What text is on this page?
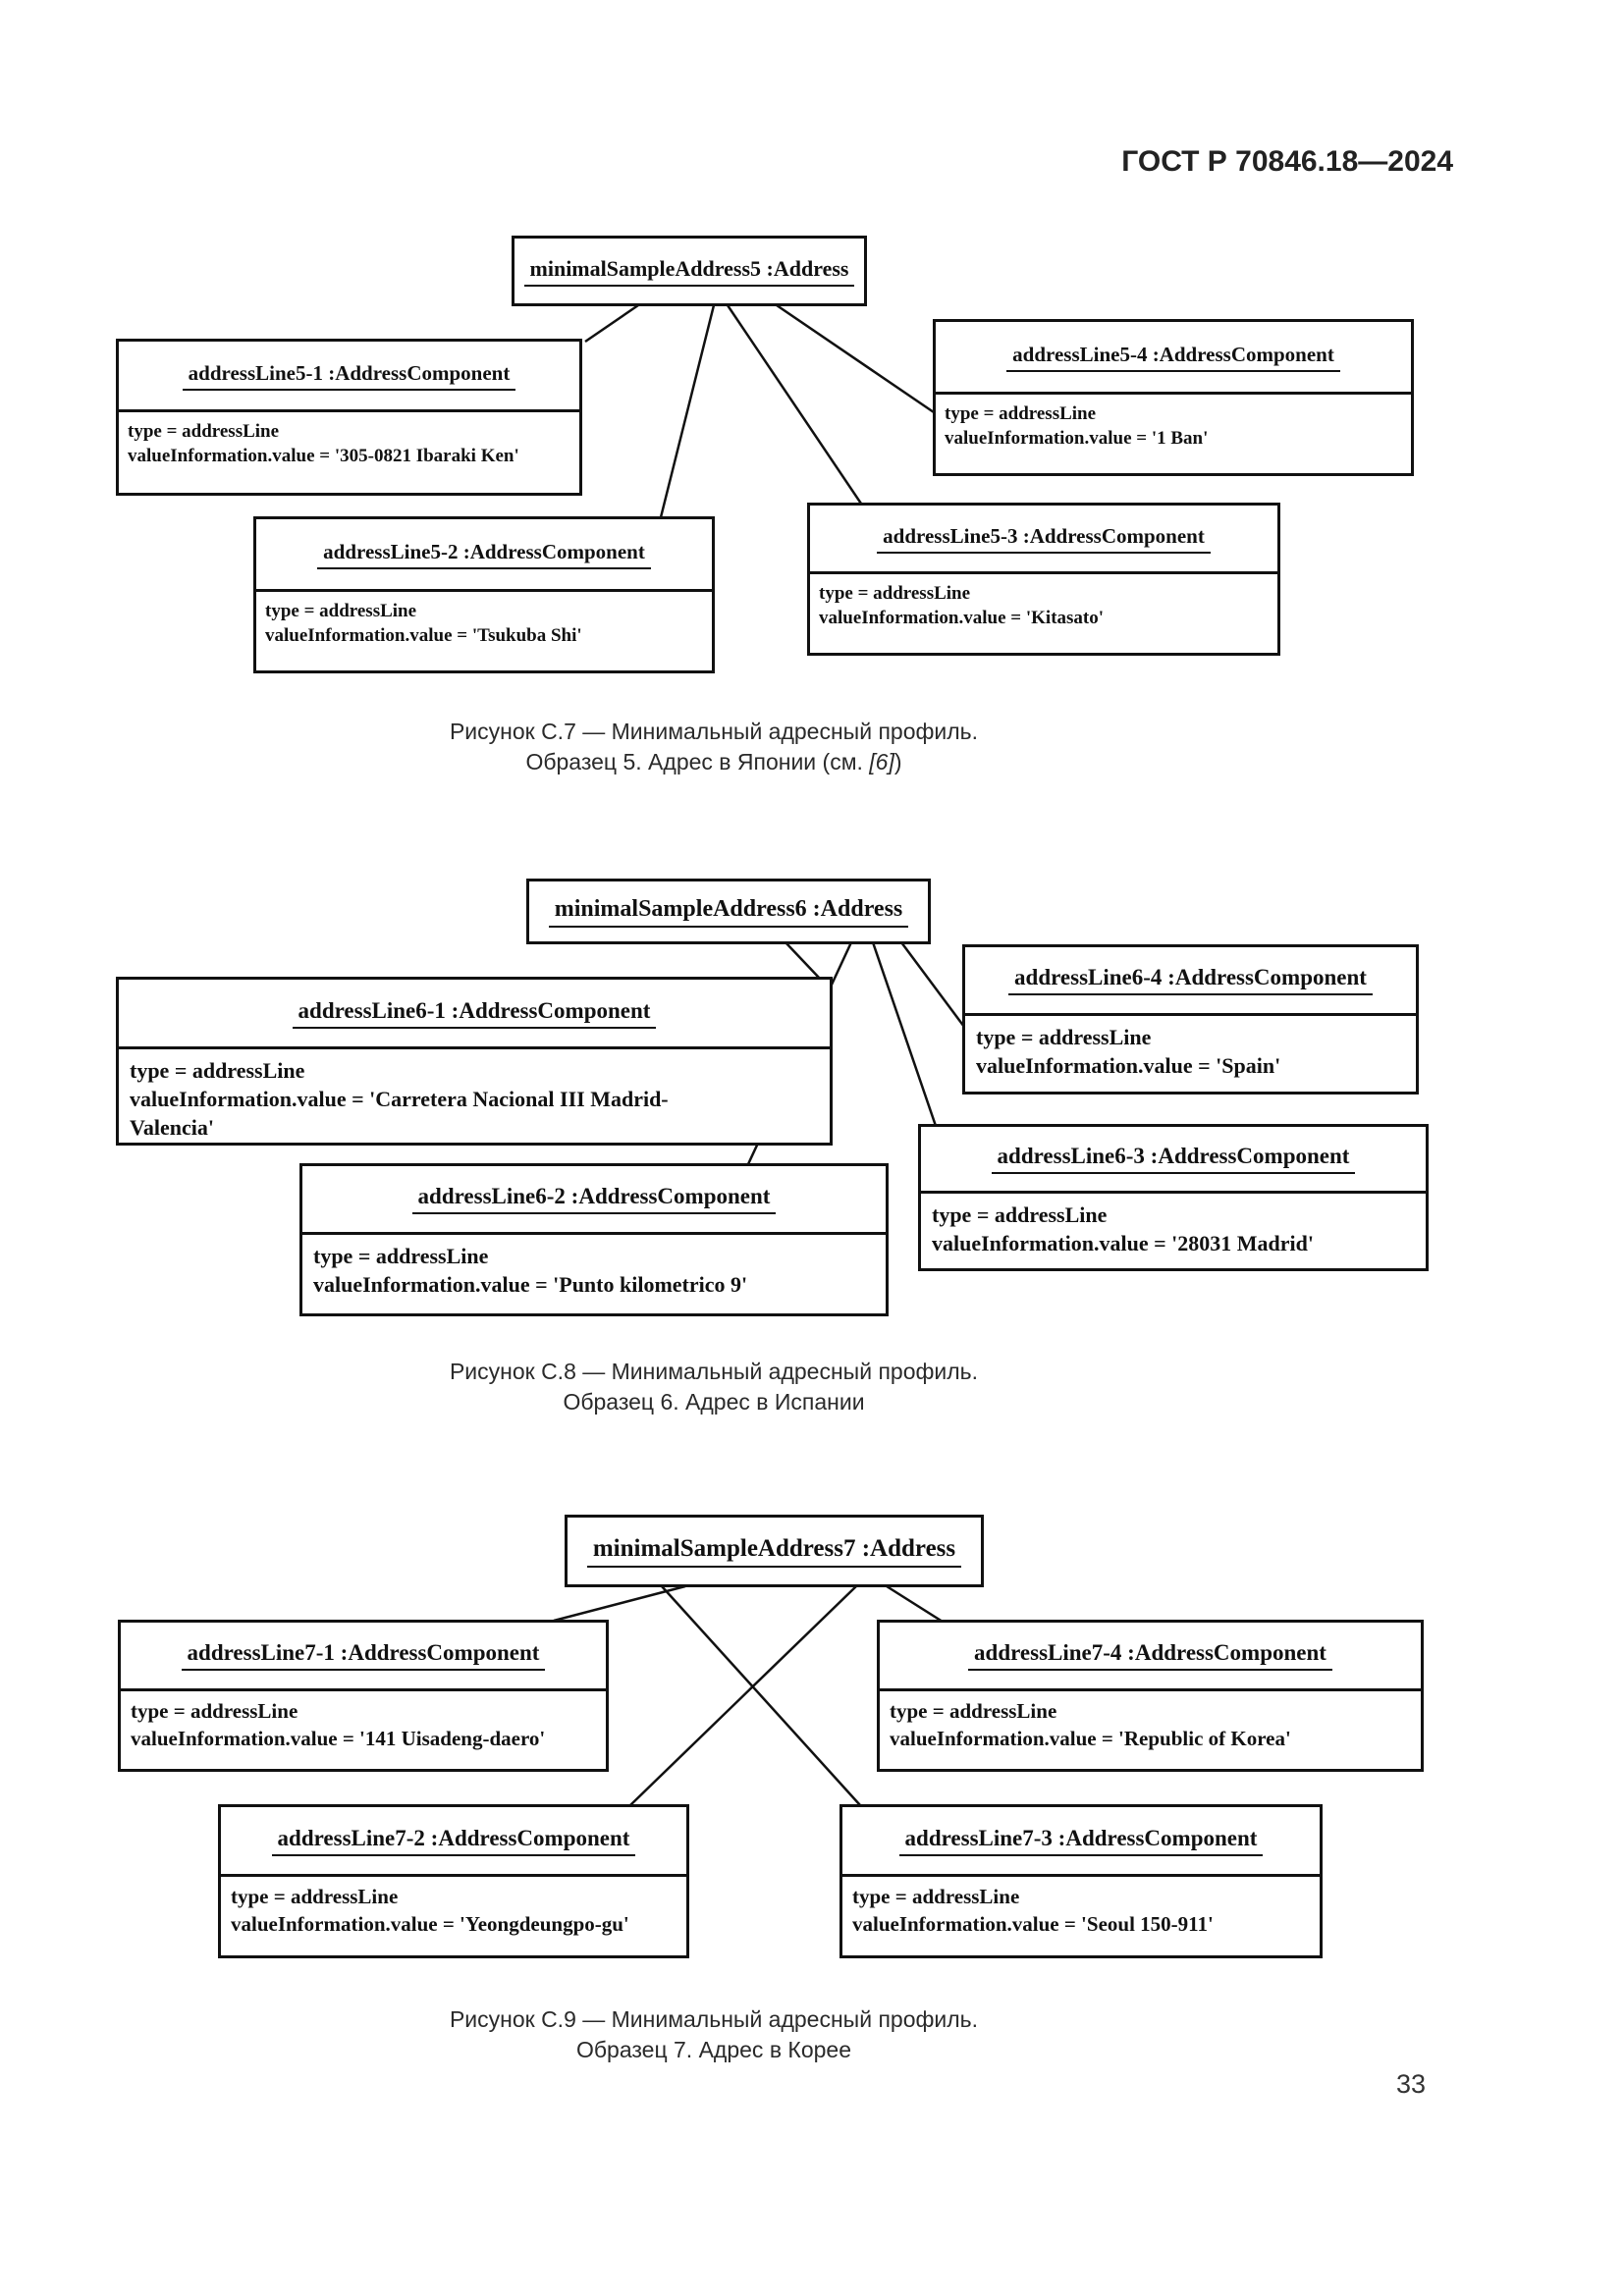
ГОСТ Р 70846.18—2024
minimalSampleAddress5 :Address
addressLine5-1 :AddressComponent
type = addressLine
valueInformation.value = '305-0821 Ibaraki Ken'
addressLine5-2 :AddressComponent
type = addressLine
valueInformation.value = 'Tsukuba Shi'
addressLine5-3 :AddressComponent
type = addressLine
valueInformation.value = 'Kitasato'
addressLine5-4 :AddressComponent
type = addressLine
valueInformation.value = '1 Ban'
Рисунок С.7 — Минимальный адресный профиль.
Образец 5. Адрес в Японии (см. [6])
minimalSampleAddress6 :Address
addressLine6-1 :AddressComponent
type = addressLine
valueInformation.value = 'Carretera Nacional III Madrid-
Valencia'
addressLine6-2 :AddressComponent
type = addressLine
valueInformation.value = 'Punto kilometrico 9'
addressLine6-3 :AddressComponent
type = addressLine
valueInformation.value = '28031 Madrid'
addressLine6-4 :AddressComponent
type = addressLine
valueInformation.value = 'Spain'
Рисунок С.8 — Минимальный адресный профиль.
Образец 6. Адрес в Испании
minimalSampleAddress7 :Address
addressLine7-1 :AddressComponent
type = addressLine
valueInformation.value = '141 Uisadeng-daero'
addressLine7-2 :AddressComponent
type = addressLine
valueInformation.value = 'Yeongdeungpo-gu'
addressLine7-3 :AddressComponent
type = addressLine
valueInformation.value = 'Seoul 150-911'
addressLine7-4 :AddressComponent
type = addressLine
valueInformation.value = 'Republic of Korea'
Рисунок С.9 — Минимальный адресный профиль.
Образец 7. Адрес в Корее
33
